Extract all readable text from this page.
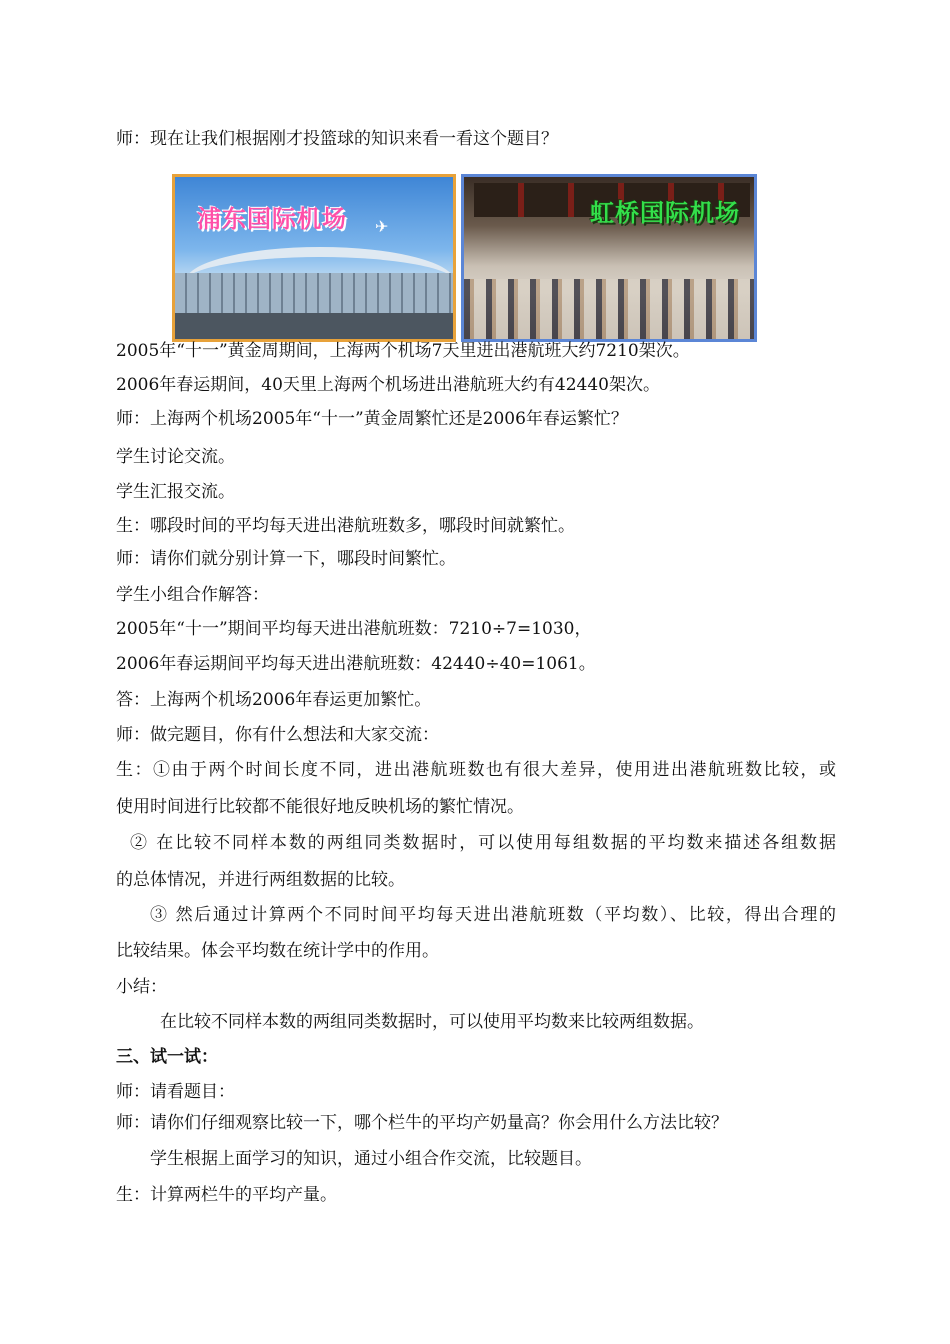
师：现在让我们根据刚才投篮球的知识来看一看这个题目？
✈
浦东国际机场	虹桥国际机场
2005年“十一”黄金周期间，上海两个机场7天里进出港航班大约7210架次。
2006年春运期间，40天里上海两个机场进出港航班大约有42440架次。
师：上海两个机场2005年“十一”黄金周繁忙还是2006年春运繁忙？
学生讨论交流。
学生汇报交流。
生：哪段时间的平均每天进出港航班数多，哪段时间就繁忙。
师：请你们就分别计算一下，哪段时间繁忙。
学生小组合作解答：
2005年“十一”期间平均每天进出港航班数：7210÷7=1030，
2006年春运期间平均每天进出港航班数：42440÷40=1061。
答：上海两个机场2006年春运更加繁忙。
师：做完题目，你有什么想法和大家交流：
生：①由于两个时间长度不同，进出港航班数也有很大差异，使用进出港航班数比较，或
使用时间进行比较都不能很好地反映机场的繁忙情况。
② 在比较不同样本数的两组同类数据时，可以使用每组数据的平均数来描述各组数据
的总体情况，并进行两组数据的比较。
③ 然后通过计算两个不同时间平均每天进出港航班数（平均数）、比较，得出合理的
比较结果。体会平均数在统计学中的作用。
小结：
在比较不同样本数的两组同类数据时，可以使用平均数来比较两组数据。
三、试一试：
师：请看题目：
师：请你们仔细观察比较一下，哪个栏牛的平均产奶量高？你会用什么方法比较？
学生根据上面学习的知识，通过小组合作交流，比较题目。
生：计算两栏牛的平均产量。
